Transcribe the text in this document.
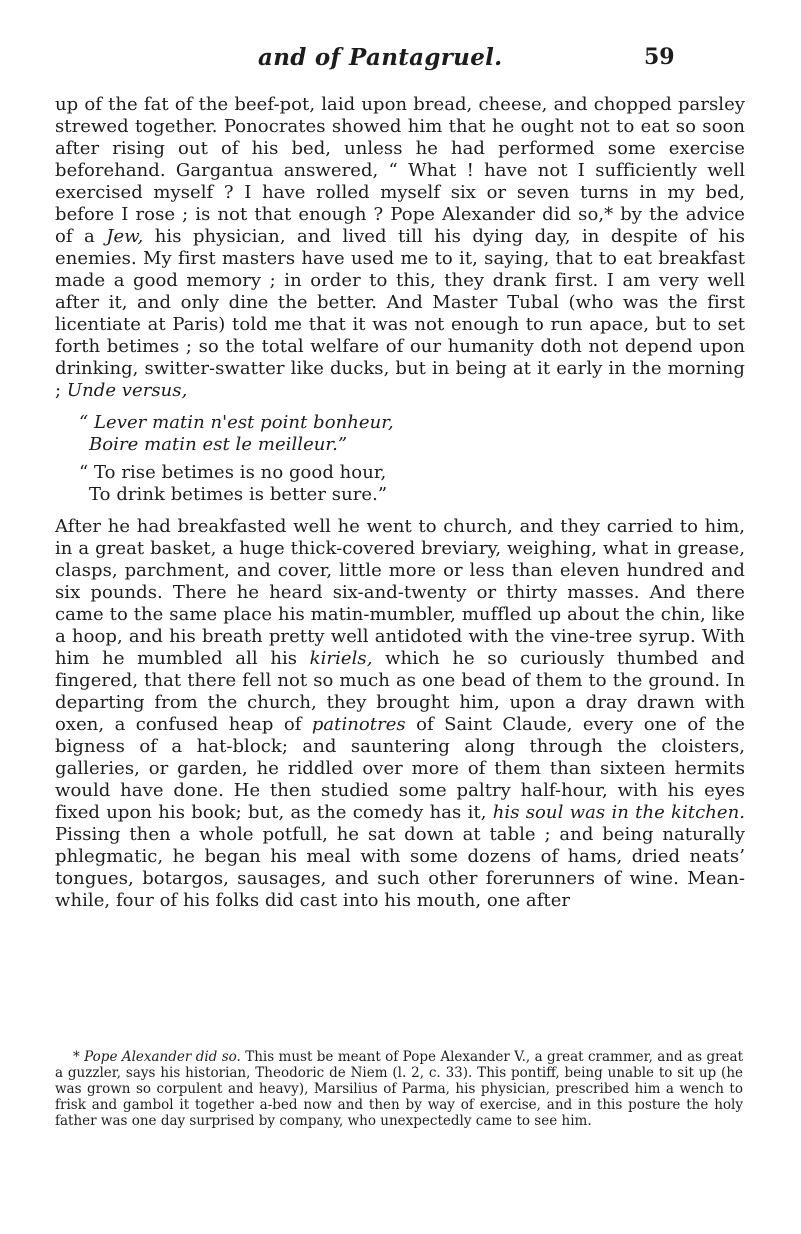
and of Pantagruel.	59

up of the fat of the beef-pot, laid upon bread, cheese, and chopped parsley strewed together. Ponocrates showed him that he ought not to eat so soon after rising out of his bed, unless he had performed some exercise beforehand. Gargantua answered, “ What ! have not I sufficiently well exercised myself ? I have rolled myself six or seven turns in my bed, before I rose ; is not that enough ? Pope Alexander did so,* by the advice of a Jew, his physician, and lived till his dying day, in despite of his enemies. My first masters have used me to it, saying, that to eat breakfast made a good memory ; in order to this, they drank first. I am very well after it, and only dine the better. And Master Tubal (who was the first licentiate at Paris) told me that it was not enough to run apace, but to set forth betimes ; so the total welfare of our humanity doth not depend upon drinking, switter-swatter like ducks, but in being at it early in the morning ; Unde versus,

“ Lever matin n'est point bonheur,
Boire matin est le meilleur.”
“ To rise betimes is no good hour,
To drink betimes is better sure.”

After he had breakfasted well he went to church, and they carried to him, in a great basket, a huge thick-covered breviary, weighing, what in grease, clasps, parchment, and cover, little more or less than eleven hundred and six pounds. There he heard six-and-twenty or thirty masses. And there came to the same place his matin-mumbler, muffled up about the chin, like a hoop, and his breath pretty well antidoted with the vine-tree syrup. With him he mumbled all his kiriels, which he so curiously thumbed and fingered, that there fell not so much as one bead of them to the ground. In departing from the church, they brought him, upon a dray drawn with oxen, a confused heap of patinotres of Saint Claude, every one of the bigness of a hat-block; and sauntering along through the cloisters, galleries, or garden, he riddled over more of them than sixteen hermits would have done. He then studied some paltry half-hour, with his eyes fixed upon his book; but, as the comedy has it, his soul was in the kitchen. Pissing then a whole potfull, he sat down at table ; and being naturally phlegmatic, he began his meal with some dozens of hams, dried neats’ tongues, botargos, sausages, and such other forerunners of wine. Mean-while, four of his folks did cast into his mouth, one after

* Pope Alexander did so. This must be meant of Pope Alexander V., a great crammer, and as great a guzzler, says his historian, Theodoric de Niem (l. 2, c. 33). This pontiff, being unable to sit up (he was grown so corpulent and heavy), Marsilius of Parma, his physician, prescribed him a wench to frisk and gambol it together a-bed now and then by way of exercise, and in this posture the holy father was one day surprised by company, who unexpectedly came to see him.
